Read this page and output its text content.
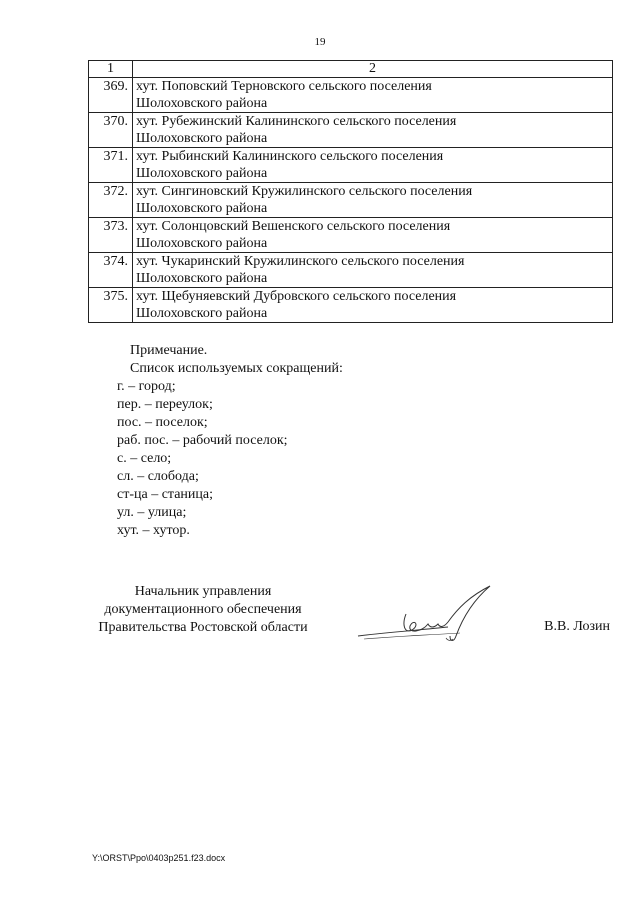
19
1	2
369.	хут. Поповский Терновского сельского поселения
Шолоховского района

370.	хут. Рубежинский Калининского сельского поселения
Шолоховского района

371.	хут. Рыбинский Калининского сельского поселения
Шолоховского района

372.	хут. Сингиновский Кружилинского сельского поселения
Шолоховского района

373.	хут. Солонцовский Вешенского сельского поселения
Шолоховского района

374.	хут. Чукаринский Кружилинского сельского поселения
Шолоховского района

375.	хут. Щебуняевский Дубровского сельского поселения
Шолоховского района
Примечание.
Список используемых сокращений:
г. – город;
пер. – переулок;
пос. – поселок;
раб. пос. – рабочий поселок;
с. – село;
сл. – слобода;
ст-ца – станица;
ул. – улица;
хут. – хутор.
Начальник управления
документационного обеспечения
Правительства Ростовской области	В.В. Лозин
Y:\ORST\Ppo\0403p251.f23.docx
